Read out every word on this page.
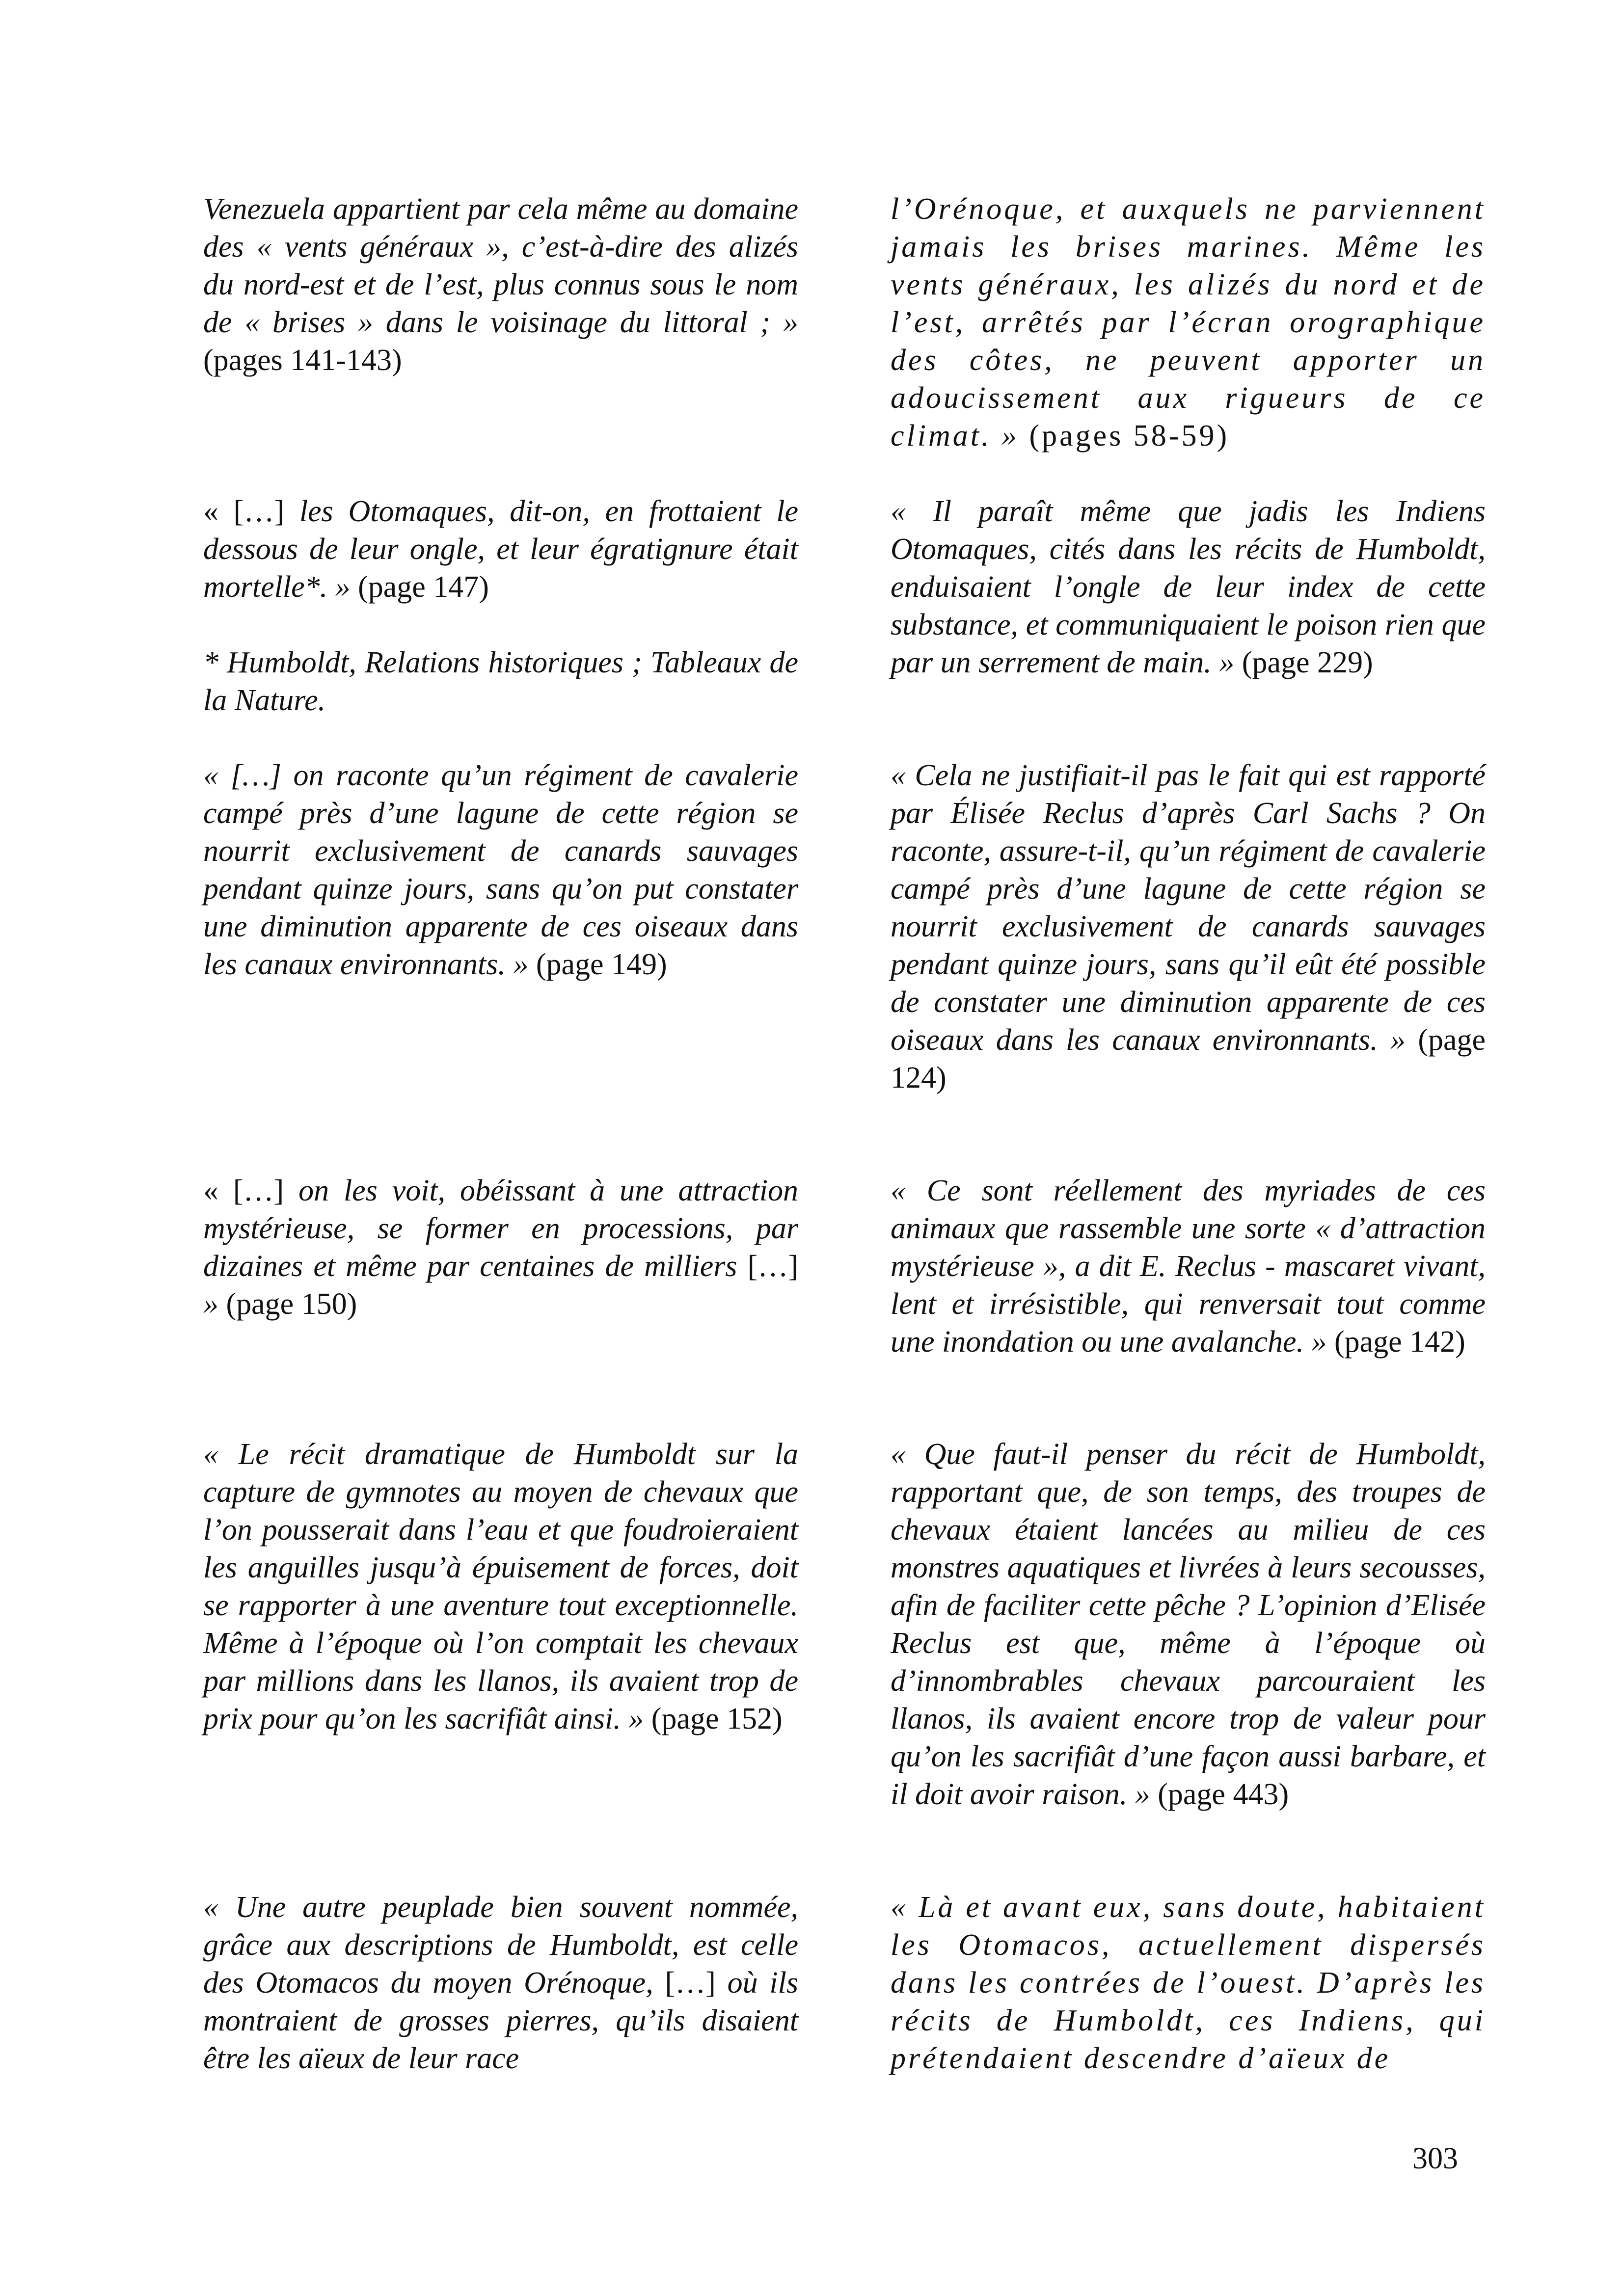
Venezuela appartient par cela même au domaine des « vents généraux », c’est-à-dire des alizés du nord-est et de l’est, plus connus sous le nom de « brises » dans le voisinage du littoral ; » (pages 141-143)

« […] les Otomaques, dit-on, en frottaient le dessous de leur ongle, et leur égratignure était mortelle*. » (page 147)

* Humboldt, Relations historiques ; Tableaux de la Nature.

« […] on raconte qu’un régiment de cavalerie campé près d’une lagune de cette région se nourrit exclusivement de canards sauvages pendant quinze jours, sans qu’on put constater une diminution apparente de ces oiseaux dans les canaux environnants. » (page 149)

« […] on les voit, obéissant à une attraction mystérieuse, se former en processions, par dizaines et même par centaines de milliers […] » (page 150)

« Le récit dramatique de Humboldt sur la capture de gymnotes au moyen de chevaux que l’on pousserait dans l’eau et que foudroieraient les anguilles jusqu’à épuisement de forces, doit se rapporter à une aventure tout exceptionnelle. Même à l’époque où l’on comptait les chevaux par millions dans les llanos, ils avaient trop de prix pour qu’on les sacrifiât ainsi. » (page 152)

« Une autre peuplade bien souvent nommée, grâce aux descriptions de Humboldt, est celle des Otomacos du moyen Orénoque, […] où ils montraient de grosses pierres, qu’ils disaient être les aïeux de leur race

l’Orénoque, et auxquels ne parviennent jamais les brises marines. Même les vents généraux, les alizés du nord et de l’est, arrêtés par l’écran orographique des côtes, ne peuvent apporter un adoucissement aux rigueurs de ce climat. » (pages 58-59)

« Il paraît même que jadis les Indiens Otomaques, cités dans les récits de Humboldt, enduisaient l’ongle de leur index de cette substance, et communiquaient le poison rien que par un serrement de main. » (page 229)

« Cela ne justifiait-il pas le fait qui est rapporté par Élisée Reclus d’après Carl Sachs ? On raconte, assure-t-il, qu’un régiment de cavalerie campé près d’une lagune de cette région se nourrit exclusivement de canards sauvages pendant quinze jours, sans qu’il eût été possible de constater une diminution apparente de ces oiseaux dans les canaux environnants. » (page 124)

« Ce sont réellement des myriades de ces animaux que rassemble une sorte « d’attraction mystérieuse », a dit E. Reclus - mascaret vivant, lent et irrésistible, qui renversait tout comme une inondation ou une avalanche. » (page 142)

« Que faut-il penser du récit de Humboldt, rapportant que, de son temps, des troupes de chevaux étaient lancées au milieu de ces monstres aquatiques et livrées à leurs secousses, afin de faciliter cette pêche ? L’opinion d’Elisée Reclus est que, même à l’époque où d’innombrables chevaux parcouraient les llanos, ils avaient encore trop de valeur pour qu’on les sacrifiât d’une façon aussi barbare, et il doit avoir raison. » (page 443)

« Là et avant eux, sans doute, habitaient les Otomacos, actuellement dispersés dans les contrées de l’ouest. D’après les récits de Humboldt, ces Indiens, qui prétendaient descendre d’aïeux de

303
